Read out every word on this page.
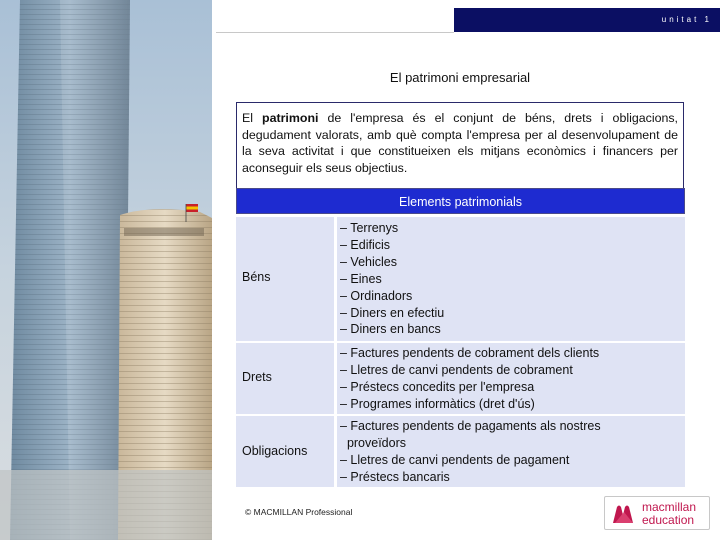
unitat 1
El patrimoni empresarial
El patrimoni de l'empresa és el conjunt de béns, drets i obligacions, degudament valorats, amb què compta l'empresa per al desenvolupament de la seva activitat i que constitueixen els mitjans econòmics i financers per aconseguir els seus objectius.
Elements patrimonials
Béns
– Terrenys
– Edificis
– Vehicles
– Eines
– Ordinadors
– Diners en efectiu
– Diners en bancs
Drets
– Factures pendents de cobrament dels clients
– Lletres de canvi pendents de cobrament
– Préstecs concedits per l'empresa
– Programes informàtics (dret d'ús)
Obligacions
– Factures pendents de pagaments als nostres
proveïdors
– Lletres de canvi pendents de pagament
– Préstecs bancaris
© MACMILLAN Professional	macmillan
education
